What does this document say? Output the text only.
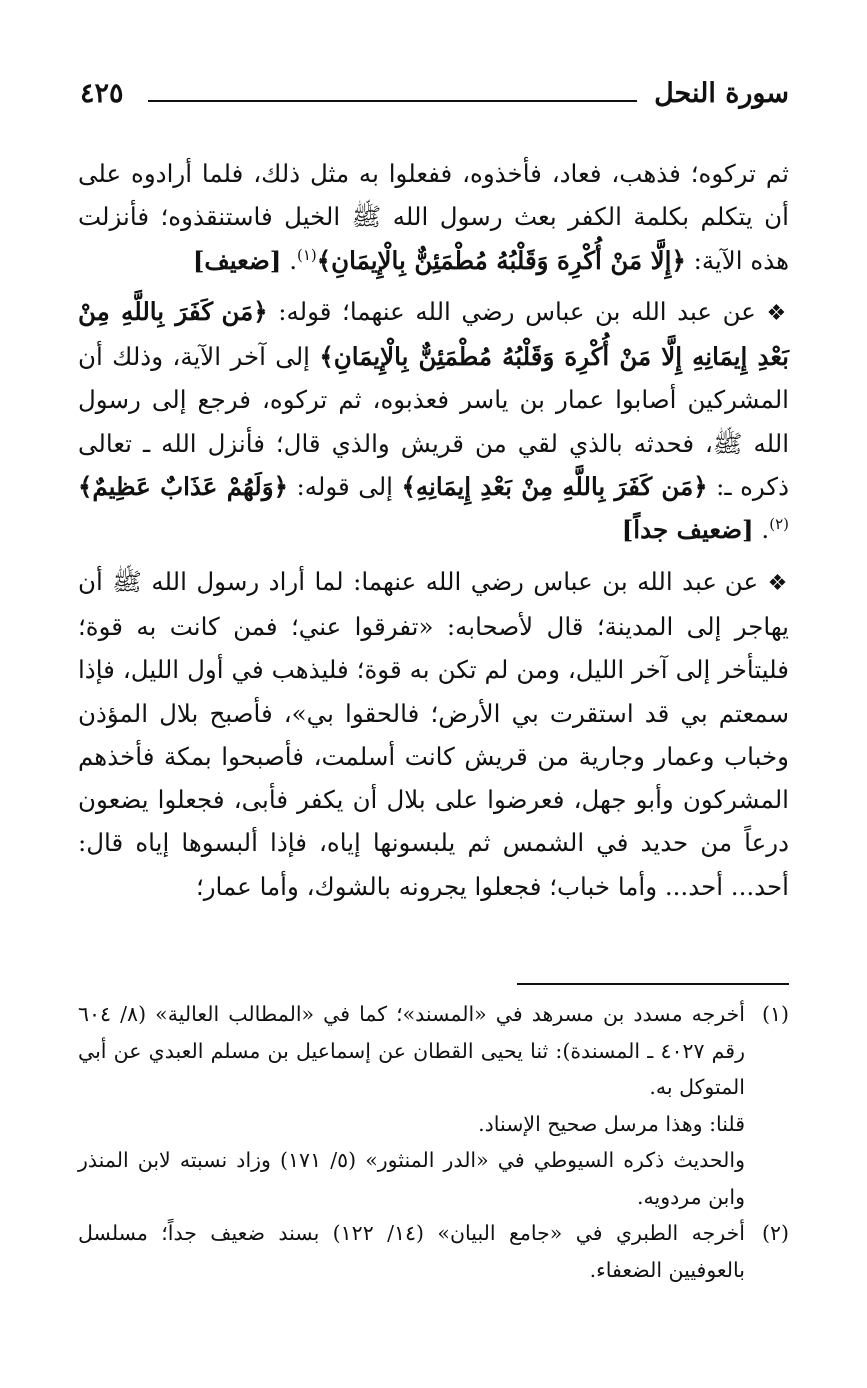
سورة النحل
٤٢٥

ثم تركوه؛ فذهب، فعاد، فأخذوه، ففعلوا به مثل ذلك، فلما أرادوه على أن يتكلم بكلمة الكفر بعث رسول الله ﷺ الخيل فاستنقذوه؛ فأنزلت هذه الآية: ﴿إِلَّا مَنْ أُكْرِهَ وَقَلْبُهُ مُطْمَئِنٌّ بِالْإِيمَانِ﴾$^{(١)}$. [ضعيف]

❖ عن عبد الله بن عباس رضي الله عنهما؛ قوله: ﴿مَن كَفَرَ بِاللَّهِ مِنْ بَعْدِ إِيمَانِهِ إِلَّا مَنْ أُكْرِهَ وَقَلْبُهُ مُطْمَئِنٌّ بِالْإِيمَانِ﴾ إلى آخر الآية، وذلك أن المشركين أصابوا عمار بن ياسر فعذبوه، ثم تركوه، فرجع إلى رسول الله ﷺ، فحدثه بالذي لقي من قريش والذي قال؛ فأنزل الله ـ تعالى ذكره ـ: ﴿مَن كَفَرَ بِاللَّهِ مِنْ بَعْدِ إِيمَانِهِ﴾ إلى قوله: ﴿وَلَهُمْ عَذَابٌ عَظِيمٌ﴾$^{(٢)}$. [ضعيف جداً]

❖ عن عبد الله بن عباس رضي الله عنهما: لما أراد رسول الله ﷺ أن يهاجر إلى المدينة؛ قال لأصحابه: «تفرقوا عني؛ فمن كانت به قوة؛ فليتأخر إلى آخر الليل، ومن لم تكن به قوة؛ فليذهب في أول الليل، فإذا سمعتم بي قد استقرت بي الأرض؛ فالحقوا بي»، فأصبح بلال المؤذن وخباب وعمار وجارية من قريش كانت أسلمت، فأصبحوا بمكة فأخذهم المشركون وأبو جهل، فعرضوا على بلال أن يكفر فأبى، فجعلوا يضعون درعاً من حديد في الشمس ثم يلبسونها إياه، فإذا ألبسوها إياه قال: أحد... أحد... وأما خباب؛ فجعلوا يجرونه بالشوك، وأما عمار؛

(١)

أخرجه مسدد بن مسرهد في «المسند»؛ كما في «المطالب العالية» (٨/ ٦٠٤ رقم ٤٠٢٧ ـ المسندة): ثنا يحيى القطان عن إسماعيل بن مسلم العبدي عن أبي المتوكل به.

قلنا: وهذا مرسل صحيح الإسناد.

والحديث ذكره السيوطي في «الدر المنثور» (٥/ ١٧١) وزاد نسبته لابن المنذر وابن مردويه.

(٢)

أخرجه الطبري في «جامع البيان» (١٤/ ١٢٢) بسند ضعيف جداً؛ مسلسل بالعوفيين الضعفاء.
